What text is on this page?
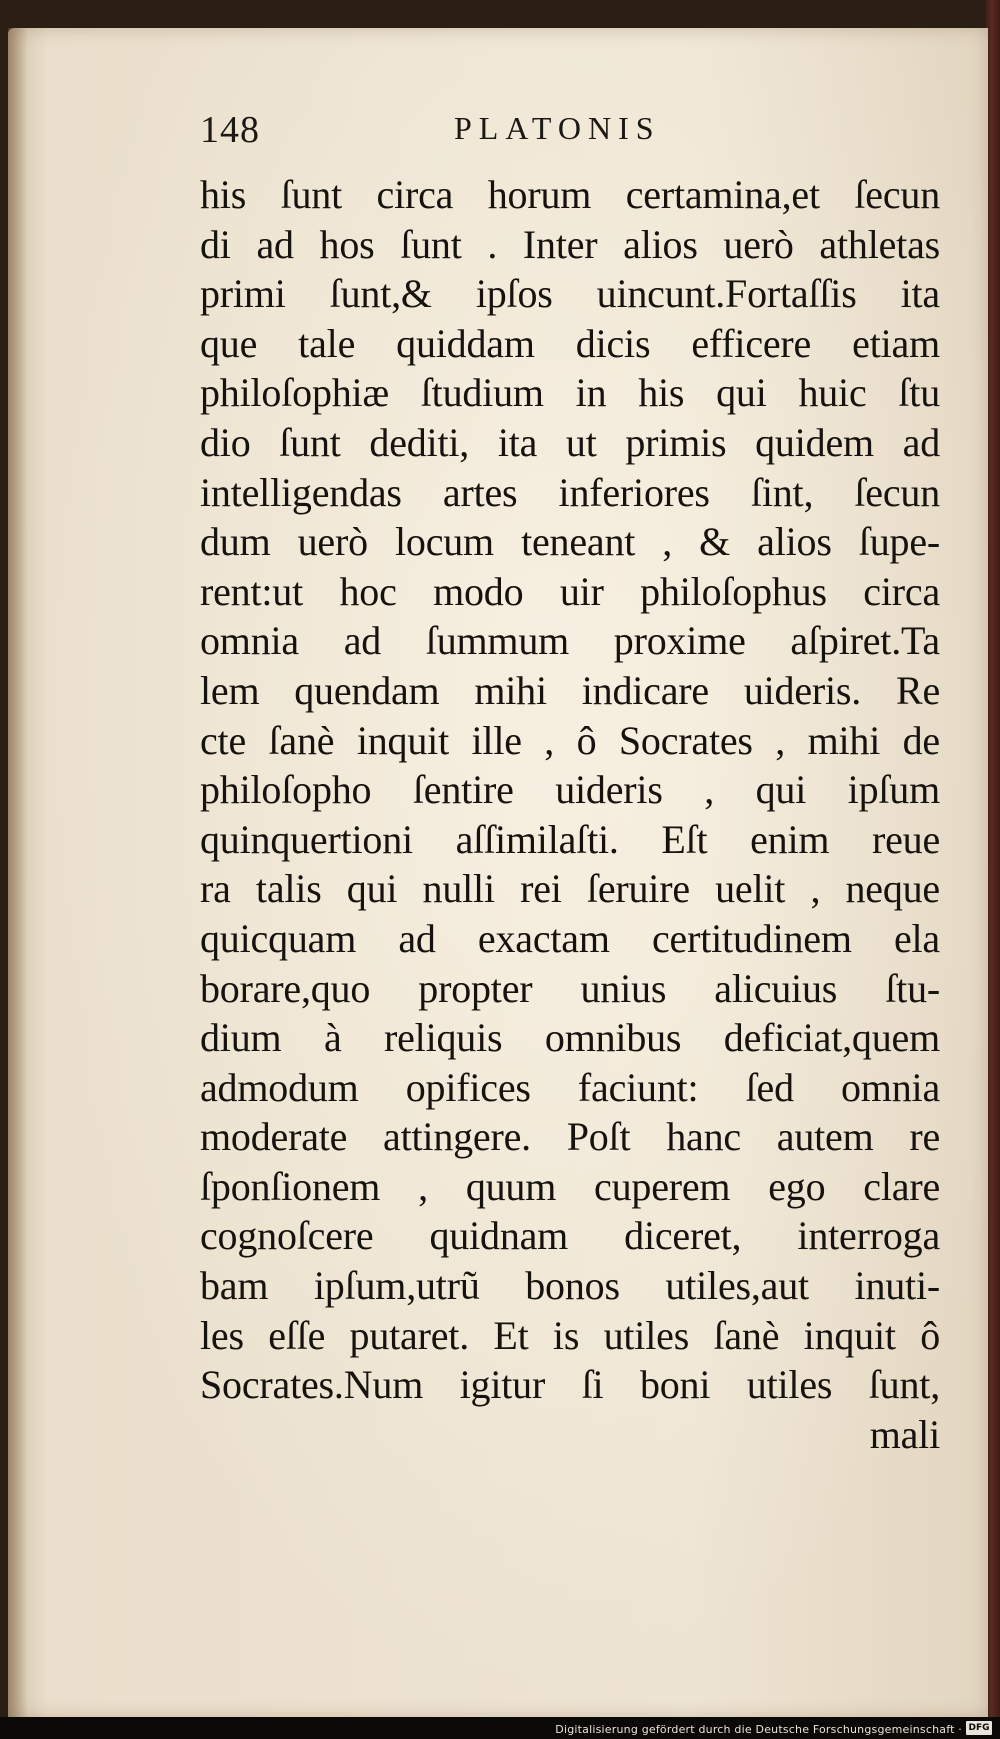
148	PLATONIS
his ſunt circa horum certamina,et ſecun
di ad hos ſunt . Inter alios uerò athletas
primi ſunt,& ipſos uincunt.Fortaſſis ita
que tale quiddam dicis efficere etiam
philoſophiæ ſtudium in his qui huic ſtu
dio ſunt dediti, ita ut primis quidem ad
intelligendas artes inferiores ſint, ſecun
dum uerò locum teneant , & alios ſupe-
rent:ut hoc modo uir philoſophus circa
omnia ad ſummum proxime aſpiret.Ta
lem quendam mihi indicare uideris. Re
cte ſanè inquit ille , ô Socrates , mihi de
philoſopho ſentire uideris , qui ipſum
quinquertioni aſſimilaſti. Eſt enim reue
ra talis qui nulli rei ſeruire uelit , neque
quicquam ad exactam certitudinem ela
borare,quo propter unius alicuius ſtu-
dium à reliquis omnibus deficiat,quem
admodum opifices faciunt: ſed omnia
moderate attingere. Poſt hanc autem re
ſponſionem , quum cuperem ego clare
cognoſcere quidnam diceret, interroga
bam ipſum,utrũ bonos utiles,aut inuti-
les eſſe putaret. Et is utiles ſanè inquit ô
Socrates.Num igitur ſi boni utiles ſunt,
mali
Digitalisierung gefördert durch die Deutsche Forschungsgemeinschaft · DFG
